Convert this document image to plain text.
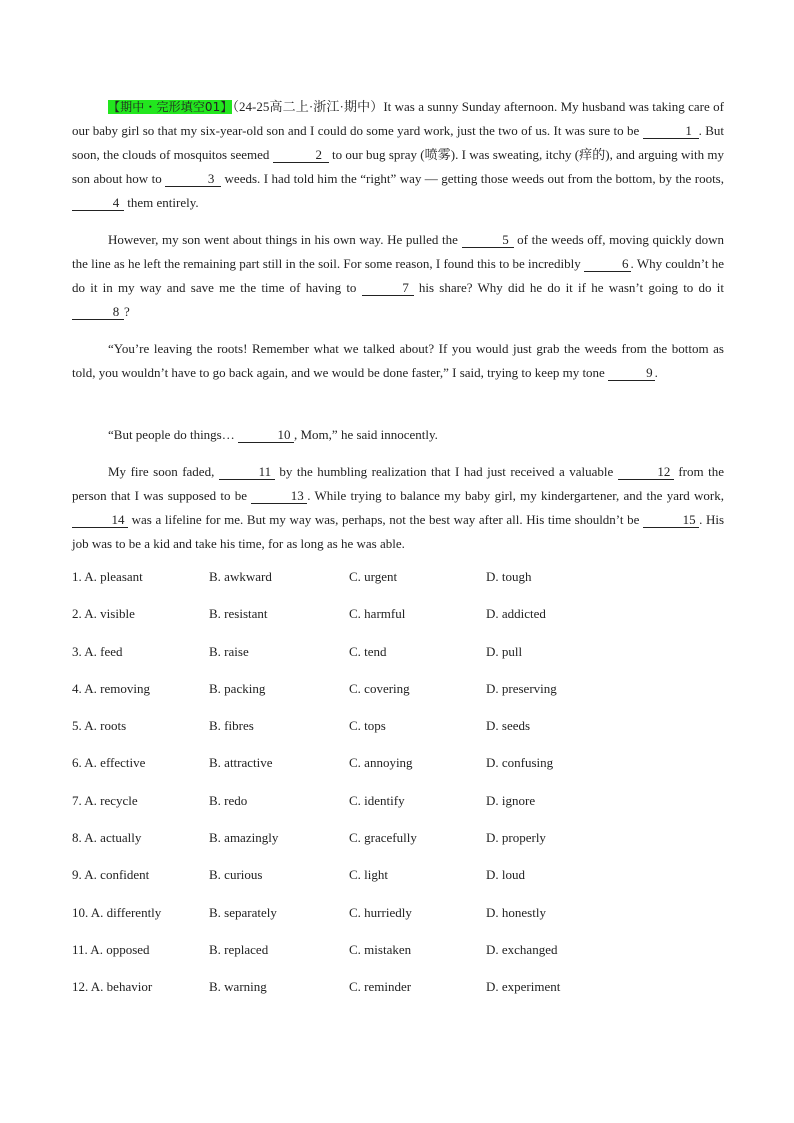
【期中・完形填空01】（24-25高二上·浙江·期中）It was a sunny Sunday afternoon. My husband was taking care of our baby girl so that my six-year-old son and I could do some yard work, just the two of us. It was sure to be	1 . But soon, the clouds of mosquitos seemed	2 to our bug spray (喷雾). I was sweating, itchy (痒的), and arguing with my son about how to	3 weeds. I had told him the “right” way — getting those weeds out from the bottom, by the roots, 4 them entirely.

However, my son went about things in his own way. He pulled the	5 of the weeds off, moving quickly down the line as he left the remaining part still in the soil. For some reason, I found this to be incredibly	6 . Why couldn’t he do it in my way and save me the time of having to	7 his share? Why did he do it if he wasn’t going to do it 8 ?

“You’re leaving the roots! Remember what we talked about? If you would just grab the weeds from the bottom as told, you wouldn’t have to go back again, and we would be done faster,” I said, trying to keep my tone	9 .

“But people do things…	10 , Mom,” he said innocently.

My fire soon faded,	11 by the humbling realization that I had just received a valuable	12 from the person that I was supposed to be	13 . While trying to balance my baby girl, my kindergartener, and the yard work, 14 was a lifeline for me. But my way was, perhaps, not the best way after all. His time shouldn’t be	15 . His job was to be a kid and take his time, for as long as he was able.

1. A. pleasant	B. awkward	C. urgent	D. tough
2. A. visible	B. resistant	C. harmful	D. addicted
3. A. feed	B. raise	C. tend	D. pull
4. A. removing	B. packing	C. covering	D. preserving
5. A. roots	B. fibres	C. tops	D. seeds
6. A. effective	B. attractive	C. annoying	D. confusing
7. A. recycle	B. redo	C. identify	D. ignore
8. A. actually	B. amazingly	C. gracefully	D. properly
9. A. confident	B. curious	C. light	D. loud
10. A. differently	B. separately	C. hurriedly	D. honestly
11. A. opposed	B. replaced	C. mistaken	D. exchanged
12. A. behavior	B. warning	C. reminder	D. experiment
